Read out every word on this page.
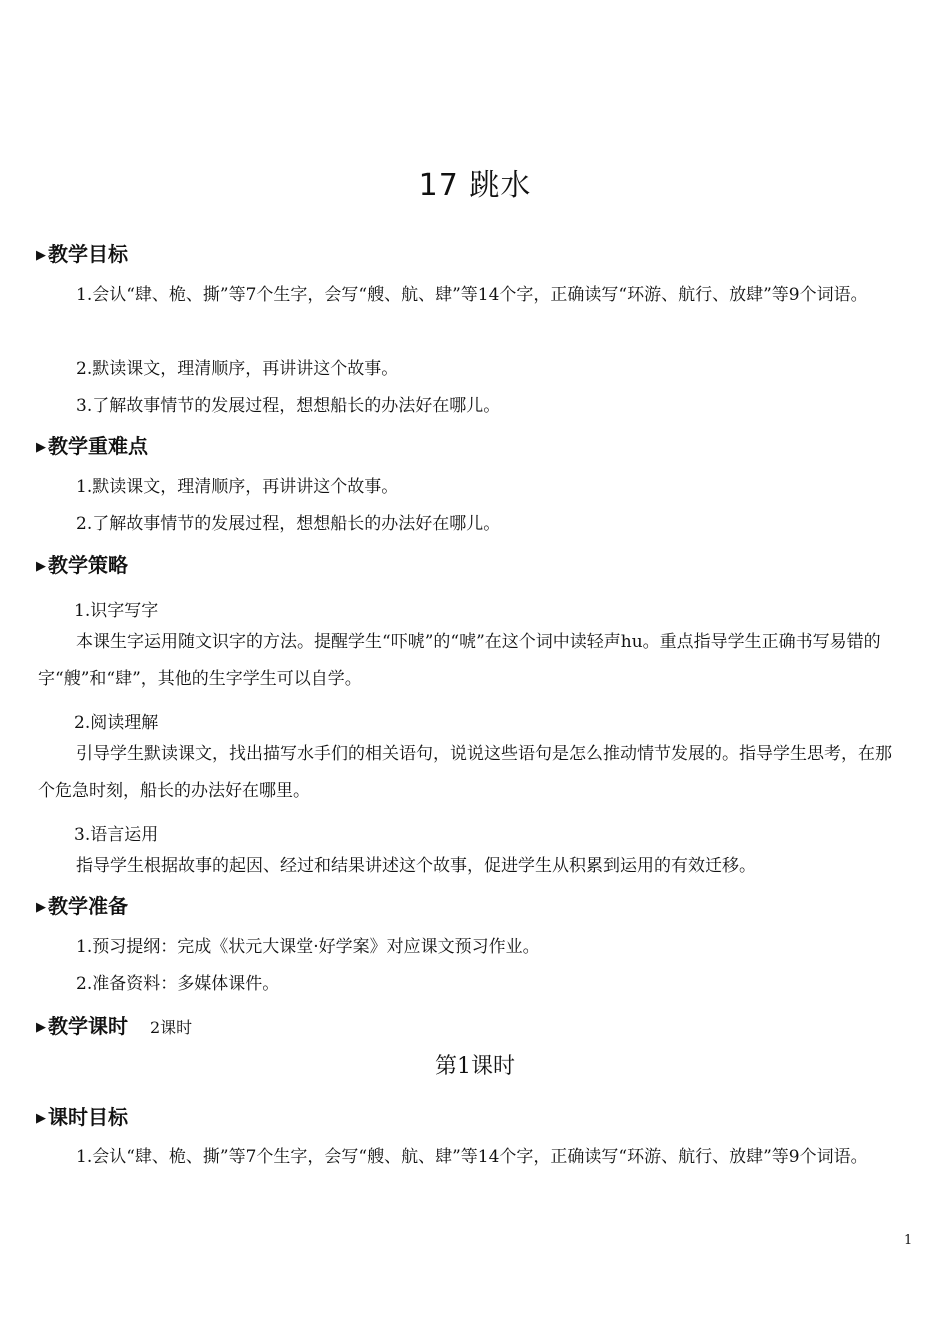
17 跳水
▶ 教学目标
1.会认“肆、桅、撕”等7个生字，会写“艘、航、肆”等14个字，正确读写“环游、航行、放肆”等9个词语。
2.默读课文，理清顺序，再讲讲这个故事。
3.了解故事情节的发展过程，想想船长的办法好在哪儿。
▶ 教学重难点
1.默读课文，理清顺序，再讲讲这个故事。
2.了解故事情节的发展过程，想想船长的办法好在哪儿。
▶ 教学策略
1.识字写字
本课生字运用随文识字的方法。提醒学生“吓唬”的“唬”在这个词中读轻声hu。重点指导学生正确书写易错的字“艘”和“肆”，其他的生字学生可以自学。
2.阅读理解
引导学生默读课文，找出描写水手们的相关语句，说说这些语句是怎么推动情节发展的。指导学生思考，在那个危急时刻，船长的办法好在哪里。
3.语言运用
指导学生根据故事的起因、经过和结果讲述这个故事，促进学生从积累到运用的有效迁移。
▶ 教学准备
1.预习提纲：完成《状元大课堂·好学案》对应课文预习作业。
2.准备资料：多媒体课件。
▶ 教学课时 2课时
第1课时
▶ 课时目标
1.会认“肆、桅、撕”等7个生字，会写“艘、航、肆”等14个字，正确读写“环游、航行、放肆”等9个词语。
1
